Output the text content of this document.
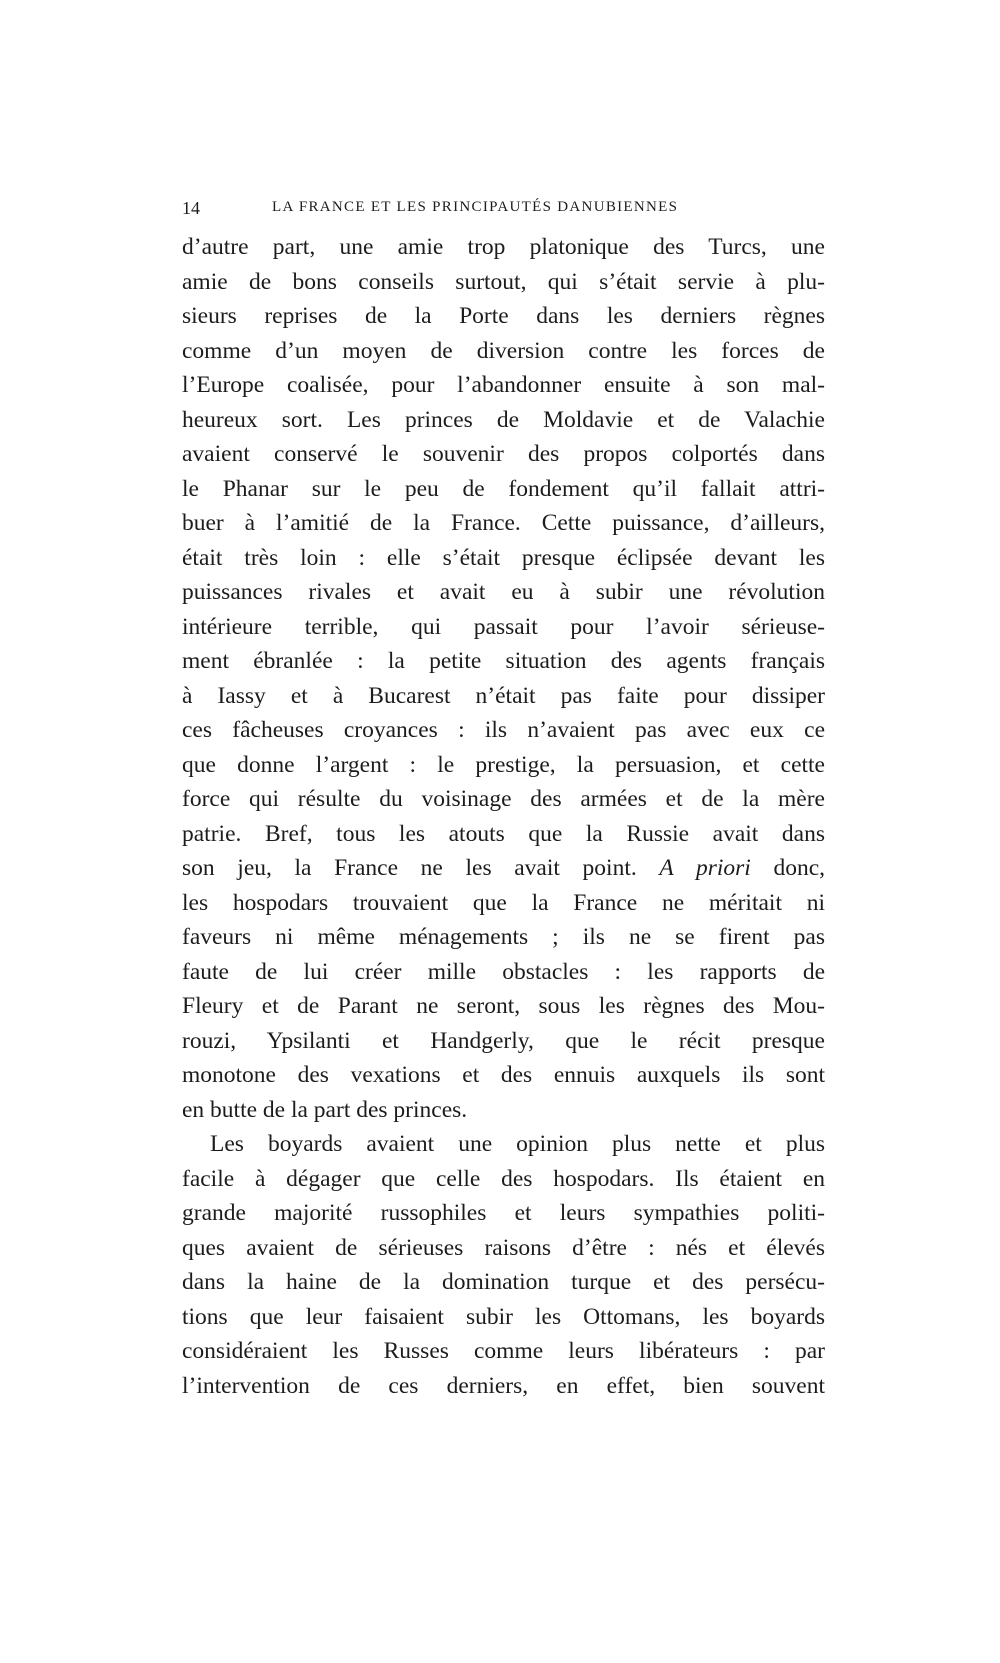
14	LA FRANCE ET LES PRINCIPAUTÉS DANUBIENNES
d’autre part, une amie trop platonique des Turcs, une
amie de bons conseils surtout, qui s’était servie à plu-
sieurs reprises de la Porte dans les derniers règnes
comme d’un moyen de diversion contre les forces de
l’Europe coalisée, pour l’abandonner ensuite à son mal-
heureux sort. Les princes de Moldavie et de Valachie
avaient conservé le souvenir des propos colportés dans
le Phanar sur le peu de fondement qu’il fallait attri-
buer à l’amitié de la France. Cette puissance, d’ailleurs,
était très loin : elle s’était presque éclipsée devant les
puissances rivales et avait eu à subir une révolution
intérieure terrible, qui passait pour l’avoir sérieuse-
ment ébranlée : la petite situation des agents français
à Iassy et à Bucarest n’était pas faite pour dissiper
ces fâcheuses croyances : ils n’avaient pas avec eux ce
que donne l’argent : le prestige, la persuasion, et cette
force qui résulte du voisinage des armées et de la mère
patrie. Bref, tous les atouts que la Russie avait dans
son jeu, la France ne les avait point. A priori donc,
les hospodars trouvaient que la France ne méritait ni
faveurs ni même ménagements ; ils ne se firent pas
faute de lui créer mille obstacles : les rapports de
Fleury et de Parant ne seront, sous les règnes des Mou-
rouzi, Ypsilanti et Handgerly, que le récit presque
monotone des vexations et des ennuis auxquels ils sont
en butte de la part des princes.
Les boyards avaient une opinion plus nette et plus
facile à dégager que celle des hospodars. Ils étaient en
grande majorité russophiles et leurs sympathies politi-
ques avaient de sérieuses raisons d’être : nés et élevés
dans la haine de la domination turque et des persécu-
tions que leur faisaient subir les Ottomans, les boyards
considéraient les Russes comme leurs libérateurs : par
l’intervention de ces derniers, en effet, bien souvent
